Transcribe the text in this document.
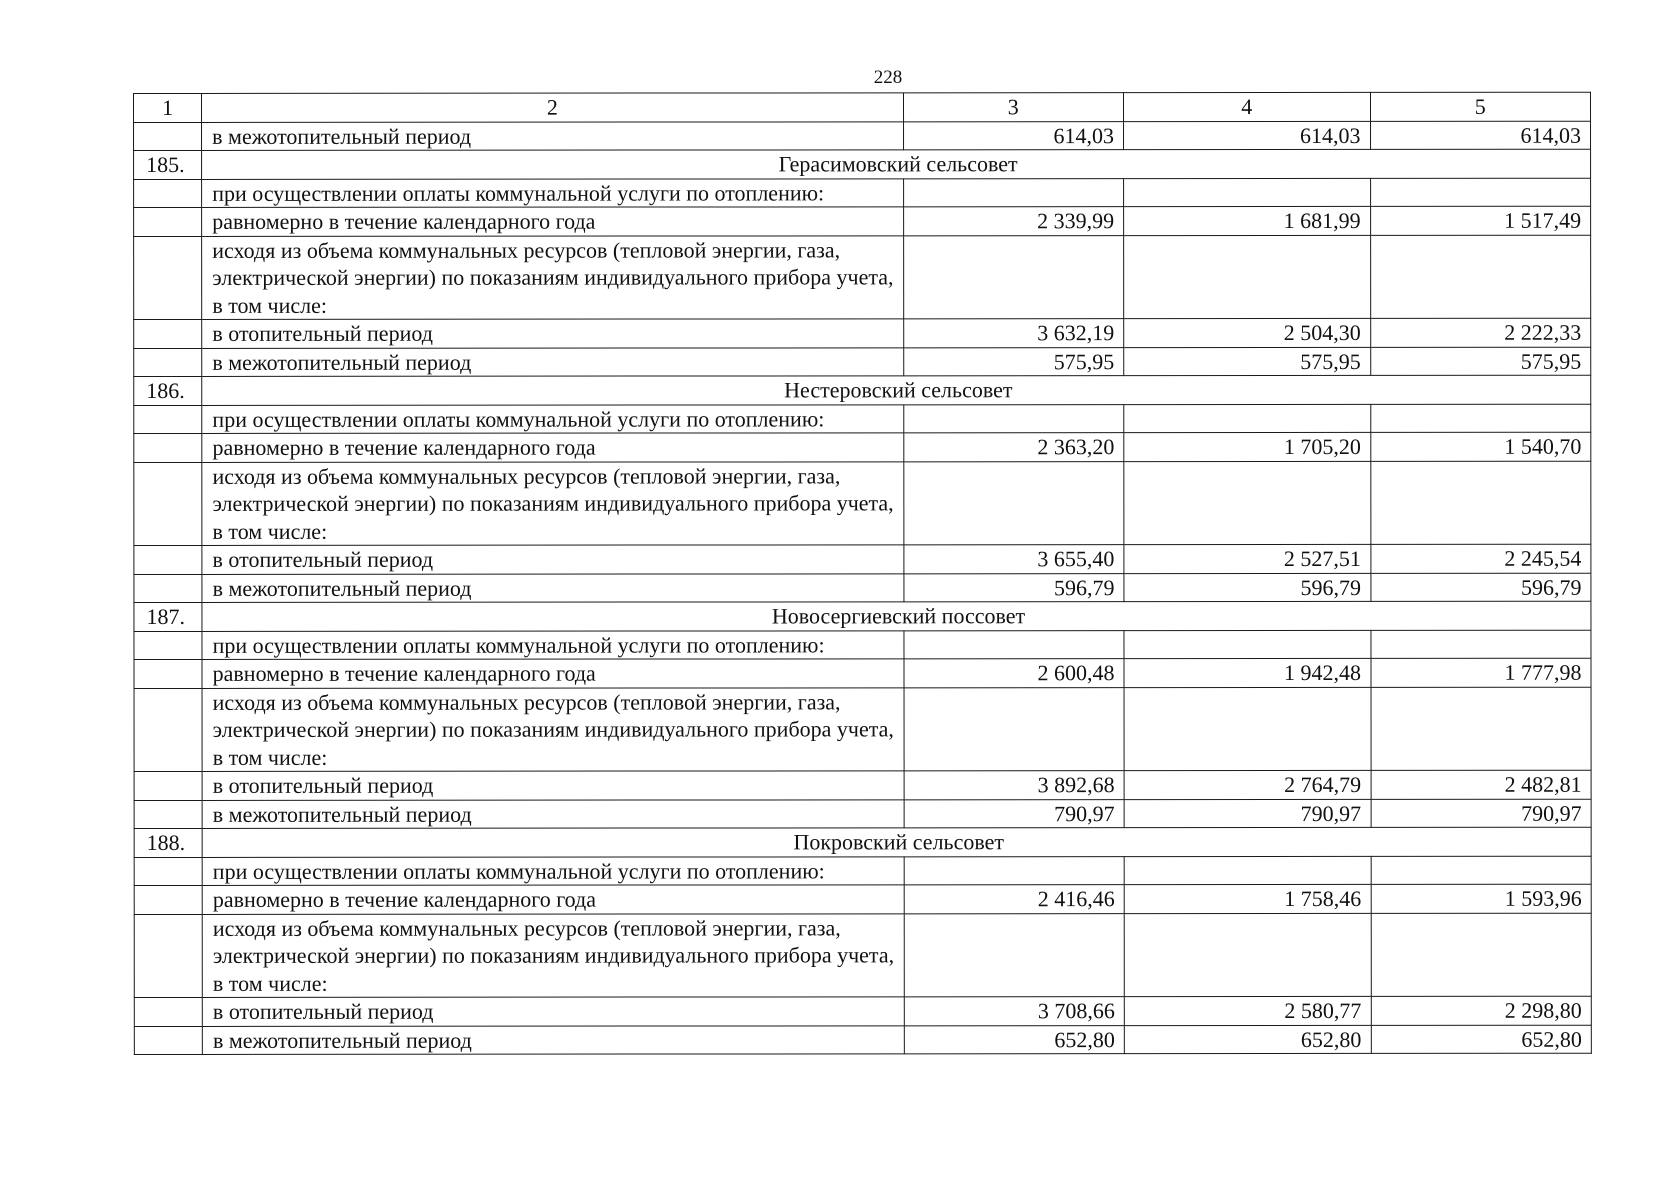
228
1	2	3	4	5
	в межотопительный период	614,03	614,03	614,03
185.	Герасимовский сельсовет			
	при осуществлении оплаты коммунальной услуги по отоплению:			
	равномерно в течение календарного года	2 339,99	1 681,99	1 517,49
	исходя из объема коммунальных ресурсов (тепловой энергии, газа, электрической энергии) по показаниям индивидуального прибора учета, в том числе:			
	в отопительный период	3 632,19	2 504,30	2 222,33
	в межотопительный период	575,95	575,95	575,95
186.	Нестеровский сельсовет			
	при осуществлении оплаты коммунальной услуги по отоплению:			
	равномерно в течение календарного года	2 363,20	1 705,20	1 540,70
	исходя из объема коммунальных ресурсов (тепловой энергии, газа, электрической энергии) по показаниям индивидуального прибора учета, в том числе:			
	в отопительный период	3 655,40	2 527,51	2 245,54
	в межотопительный период	596,79	596,79	596,79
187.	Новосергиевский поссовет			
	при осуществлении оплаты коммунальной услуги по отоплению:			
	равномерно в течение календарного года	2 600,48	1 942,48	1 777,98
	исходя из объема коммунальных ресурсов (тепловой энергии, газа, электрической энергии) по показаниям индивидуального прибора учета, в том числе:			
	в отопительный период	3 892,68	2 764,79	2 482,81
	в межотопительный период	790,97	790,97	790,97
188.	Покровский сельсовет			
	при осуществлении оплаты коммунальной услуги по отоплению:			
	равномерно в течение календарного года	2 416,46	1 758,46	1 593,96
	исходя из объема коммунальных ресурсов (тепловой энергии, газа, электрической энергии) по показаниям индивидуального прибора учета, в том числе:			
	в отопительный период	3 708,66	2 580,77	2 298,80
	в межотопительный период	652,80	652,80	652,80
